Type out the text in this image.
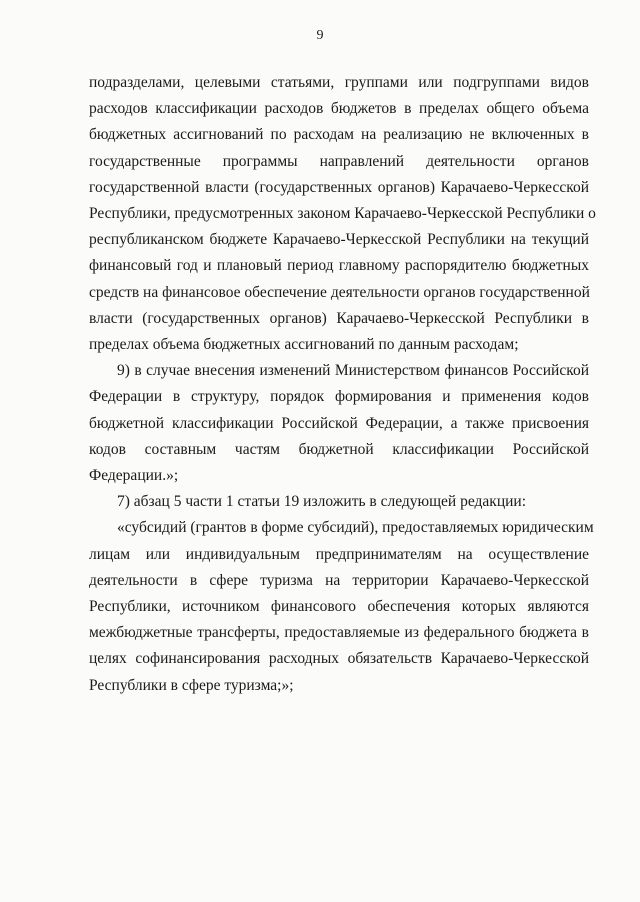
9
подразделами, целевыми статьями, группами или подгруппами видов
расходов классификации расходов бюджетов в пределах общего объема
бюджетных ассигнований по расходам на реализацию не включенных в
государственные программы направлений деятельности органов
государственной власти (государственных органов) Карачаево-Черкесской
Республики, предусмотренных законом Карачаево-Черкесской Республики о
республиканском бюджете Карачаево-Черкесской Республики на текущий
финансовый год и плановый период главному распорядителю бюджетных
средств на финансовое обеспечение деятельности органов государственной
власти (государственных органов) Карачаево-Черкесской Республики в
пределах объема бюджетных ассигнований по данным расходам;
9) в случае внесения изменений Министерством финансов Российской
Федерации в структуру, порядок формирования и применения кодов
бюджетной классификации Российской Федерации, а также присвоения
кодов составным частям бюджетной классификации Российской
Федерации.»;
7) абзац 5 части 1 статьи 19 изложить в следующей редакции:
«субсидий (грантов в форме субсидий), предоставляемых юридическим
лицам или индивидуальным предпринимателям на осуществление
деятельности в сфере туризма на территории Карачаево-Черкесской
Республики, источником финансового обеспечения которых являются
межбюджетные трансферты, предоставляемые из федерального бюджета в
целях софинансирования расходных обязательств Карачаево-Черкесской
Республики в сфере туризма;»;
